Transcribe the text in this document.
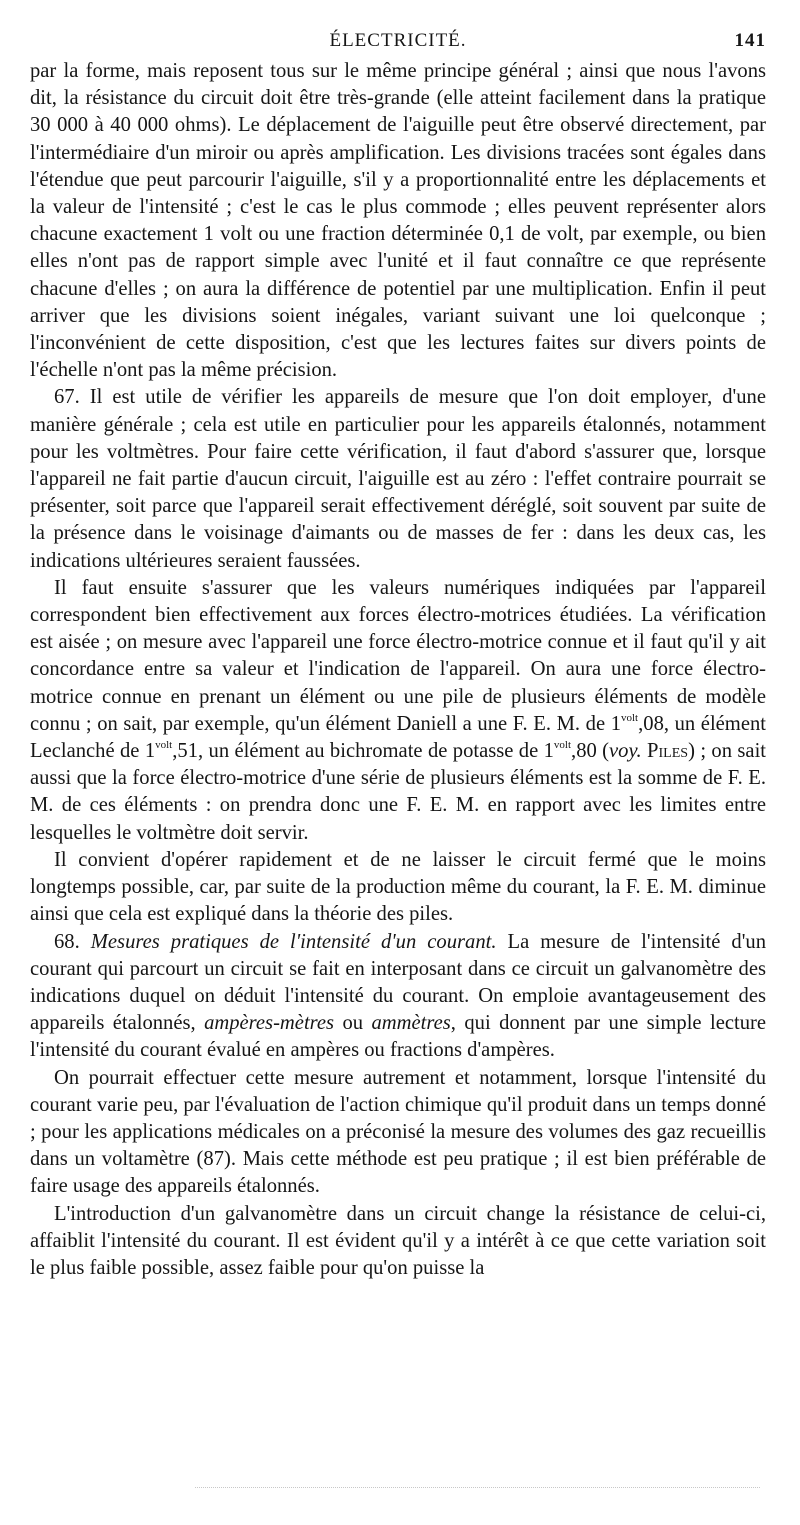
ÉLECTRICITÉ.	141

par la forme, mais reposent tous sur le même principe général ; ainsi que nous l'avons dit, la résistance du circuit doit être très-grande (elle atteint facilement dans la pratique 30 000 à 40 000 ohms). Le déplacement de l'aiguille peut être observé directement, par l'intermédiaire d'un miroir ou après amplification. Les divisions tracées sont égales dans l'étendue que peut parcourir l'aiguille, s'il y a proportionnalité entre les déplacements et la valeur de l'intensité ; c'est le cas le plus commode ; elles peuvent représenter alors chacune exactement 1 volt ou une fraction déterminée 0,1 de volt, par exemple, ou bien elles n'ont pas de rapport simple avec l'unité et il faut connaître ce que représente chacune d'elles ; on aura la différence de potentiel par une multiplication. Enfin il peut arriver que les divisions soient inégales, variant suivant une loi quelconque ; l'inconvénient de cette disposition, c'est que les lectures faites sur divers points de l'échelle n'ont pas la même précision.

67. Il est utile de vérifier les appareils de mesure que l'on doit employer, d'une manière générale ; cela est utile en particulier pour les appareils étalonnés, notamment pour les voltmètres. Pour faire cette vérification, il faut d'abord s'assurer que, lorsque l'appareil ne fait partie d'aucun circuit, l'aiguille est au zéro : l'effet contraire pourrait se présenter, soit parce que l'appareil serait effectivement déréglé, soit souvent par suite de la présence dans le voisinage d'aimants ou de masses de fer : dans les deux cas, les indications ultérieures seraient faussées.

Il faut ensuite s'assurer que les valeurs numériques indiquées par l'appareil correspondent bien effectivement aux forces électro-motrices étudiées. La vérification est aisée ; on mesure avec l'appareil une force électro-motrice connue et il faut qu'il y ait concordance entre sa valeur et l'indication de l'appareil. On aura une force électro-motrice connue en prenant un élément ou une pile de plusieurs éléments de modèle connu ; on sait, par exemple, qu'un élément Daniell a une F. E. M. de $1^{volt},08$, un élément Leclanché de $1^{volt},51$, un élément au bichromate de potasse de $1^{volt},80$ (voy. Piles) ; on sait aussi que la force électro-motrice d'une série de plusieurs éléments est la somme de F. E. M. de ces éléments : on prendra donc une F. E. M. en rapport avec les limites entre lesquelles le voltmètre doit servir.

Il convient d'opérer rapidement et de ne laisser le circuit fermé que le moins longtemps possible, car, par suite de la production même du courant, la F. E. M. diminue ainsi que cela est expliqué dans la théorie des piles.

68. Mesures pratiques de l'intensité d'un courant. La mesure de l'intensité d'un courant qui parcourt un circuit se fait en interposant dans ce circuit un galvanomètre des indications duquel on déduit l'intensité du courant. On emploie avantageusement des appareils étalonnés, ampères-mètres ou ammètres, qui donnent par une simple lecture l'intensité du courant évalué en ampères ou fractions d'ampères.

On pourrait effectuer cette mesure autrement et notamment, lorsque l'intensité du courant varie peu, par l'évaluation de l'action chimique qu'il produit dans un temps donné ; pour les applications médicales on a préconisé la mesure des volumes des gaz recueillis dans un voltamètre (87). Mais cette méthode est peu pratique ; il est bien préférable de faire usage des appareils étalonnés.

L'introduction d'un galvanomètre dans un circuit change la résistance de celui-ci, affaiblit l'intensité du courant. Il est évident qu'il y a intérêt à ce que cette variation soit le plus faible possible, assez faible pour qu'on puisse la
